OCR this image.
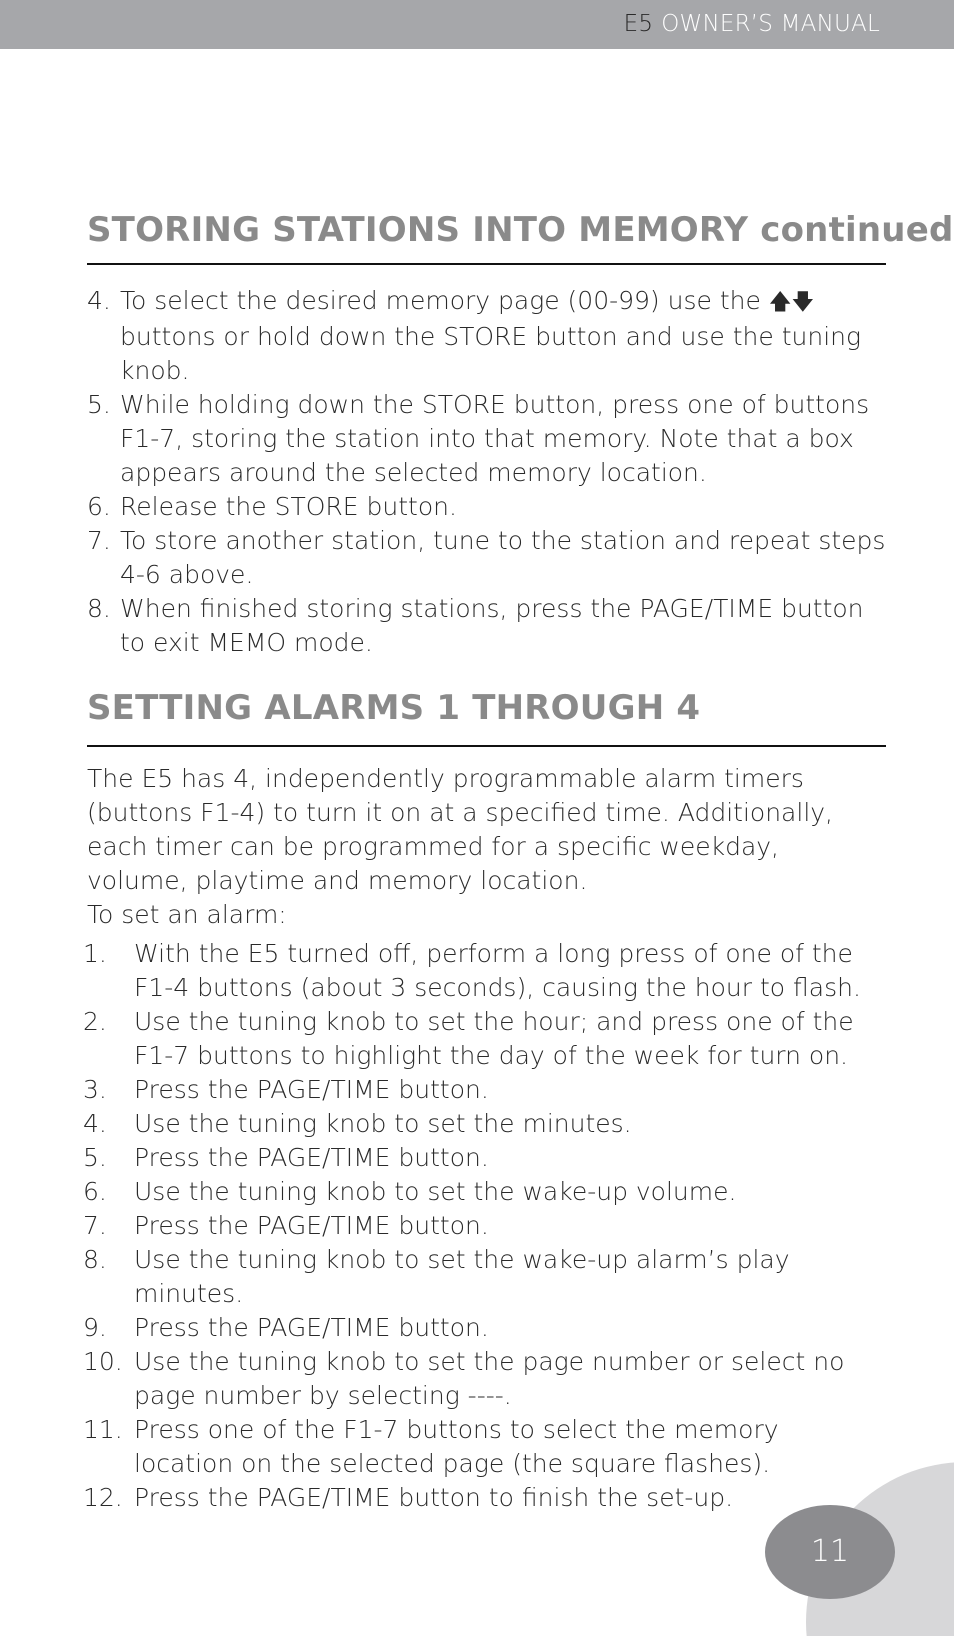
E5 OWNER’S MANUAL
STORING STATIONS INTO MEMORY continued
4. To select the desired memory page (00-99) use the 🡅🡇 buttons or hold down the STORE button and use the tuning knob.
5. While holding down the STORE button, press one of buttons F1-7, storing the station into that memory. Note that a box appears around the selected memory location.
6. Release the STORE button.
7. To store another station, tune to the station and repeat steps 4-6 above.
8. When finished storing stations, press the PAGE/TIME button to exit MEMO mode.
SETTING ALARMS 1 THROUGH 4

The E5 has 4, independently programmable alarm timers (buttons F1-4) to turn it on at a specified time. Additionally, each timer can be programmed for a specific weekday, volume, playtime and memory location.

To set an alarm:

1. With the E5 turned off, perform a long press of one of the F1-4 buttons (about 3 seconds), causing the hour to flash.
2. Use the tuning knob to set the hour; and press one of the F1-7 buttons to highlight the day of the week for turn on.
3. Press the PAGE/TIME button.
4. Use the tuning knob to set the minutes.
5. Press the PAGE/TIME button.
6. Use the tuning knob to set the wake-up volume.
7. Press the PAGE/TIME button.
8. Use the tuning knob to set the wake-up alarm’s play minutes.
9. Press the PAGE/TIME button.
10. Use the tuning knob to set the page number or select no page number by selecting ----.
11. Press one of the F1-7 buttons to select the memory location on the selected page (the square flashes).
12. Press the PAGE/TIME button to finish the set-up.
11
